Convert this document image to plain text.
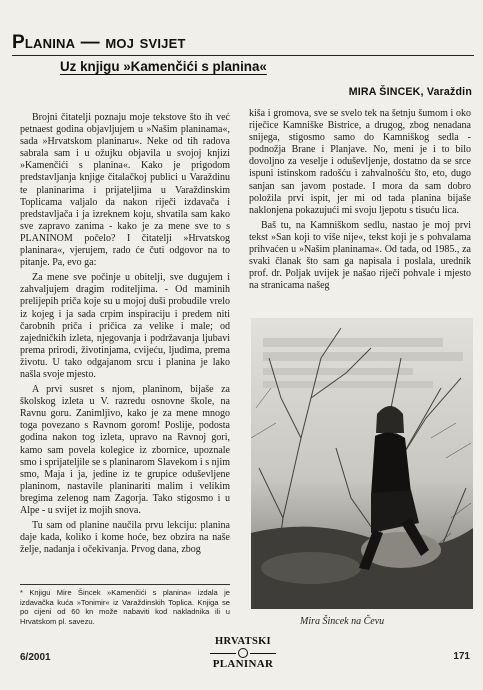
Planina — moj svijet
Uz knjigu »Kamenčići s planina«
MIRA ŠINCEK, Varaždin

Brojni čitatelji poznaju moje tekstove što ih već petnaest godina objavljujem u »Našim planinama«, sada »Hrvatskom planinaru«. Neke od tih radova sabrala sam i u ožujku objavila u svojoj knjizi »Kamenčići s planina«. Kako je prigodom predstavljanja knjige čitalačkoj publici u Varaždinu te planinarima i prijateljima u Varaždinskim Toplicama valjalo da nakon riječi izdavača i predstavljača i ja izreknem koju, shvatila sam kako sve zapravo zanima - kako je za mene sve to s PLANINOM počelo? I čitatelji »Hrvatskog planinara«, vjerujem, rado će čuti odgovor na to pitanje. Pa, evo ga:

Za mene sve počinje u obitelji, sve dugujem i zahvaljujem dragim roditeljima. - Od maminih prelijepih priča koje su u mojoj duši probudile vrelo iz kojeg i ja sada crpim inspiraciju i predem niti čarobnih priča i pričica za velike i male; od zajedničkih izleta, njegovanja i podržavanja ljubavi prema prirodi, životinjama, cvijeću, ljudima, prema životu. U tako odgajanom srcu i planina je lako našla svoje mjesto.

A prvi susret s njom, planinom, bijaše za školskog izleta u V. razredu osnovne škole, na Ravnu goru. Zanimljivo, kako je za mene mnogo toga povezano s Ravnom gorom! Poslije, podosta godina nakon tog izleta, upravo na Ravnoj gori, kamo sam povela kolegice iz zbornice, upoznale smo i sprijateljile se s planinarom Slavekom i s njim smo, Maja i ja, jedine iz te grupice oduševljene planinom, nastavile planinariti malim i velikim bregima zelenog nam Zagorja. Tako stigosmo i u Alpe - u svijet iz mojih snova.

Tu sam od planine naučila prvu lekciju: planina daje kada, koliko i kome hoće, bez obzira na naše želje, nadanja i očekivanja. Prvog dana, zbog

kiša i gromova, sve se svelo tek na šetnju šumom i oko riječice Kamniške Bistrice, a drugog, zbog nenadana snijega, stigosmo samo do Kamniškog sedla - podnožja Brane i Planjave. No, meni je i to bilo dovoljno za veselje i oduševljenje, dostatno da se srce ispuni istinskom radošću i zahvalnošću što, eto, dugo sanjan san javom postade. I mora da sam dobro položila prvi ispit, jer mi od tada planina bijaše naklonjena pokazujući mi svoju ljepotu s tisuću lica.

Baš tu, na Kamniškom sedlu, nastao je moj prvi tekst »San koji to više nije«, tekst koji je s pohvalama prihvaćen u »Našim planinama«. Od tada, od 1985., za svaki članak što sam ga napisala i poslala, urednik prof. dr. Poljak uvijek je našao riječi pohvale i mjesto na stranicama našeg

Mira Šincek na Čevu
* Knjigu Mire Šincek »Kamenčići s planina« izdala je izdavačka kuća »Tonimir« iz Varaždinskih Toplica. Knjiga se po cijeni od 60 kn može nabaviti kod nakladnika ili u Hrvatskom pl. savezu.
6/2001
HRVATSKI
PLANINAR
171
